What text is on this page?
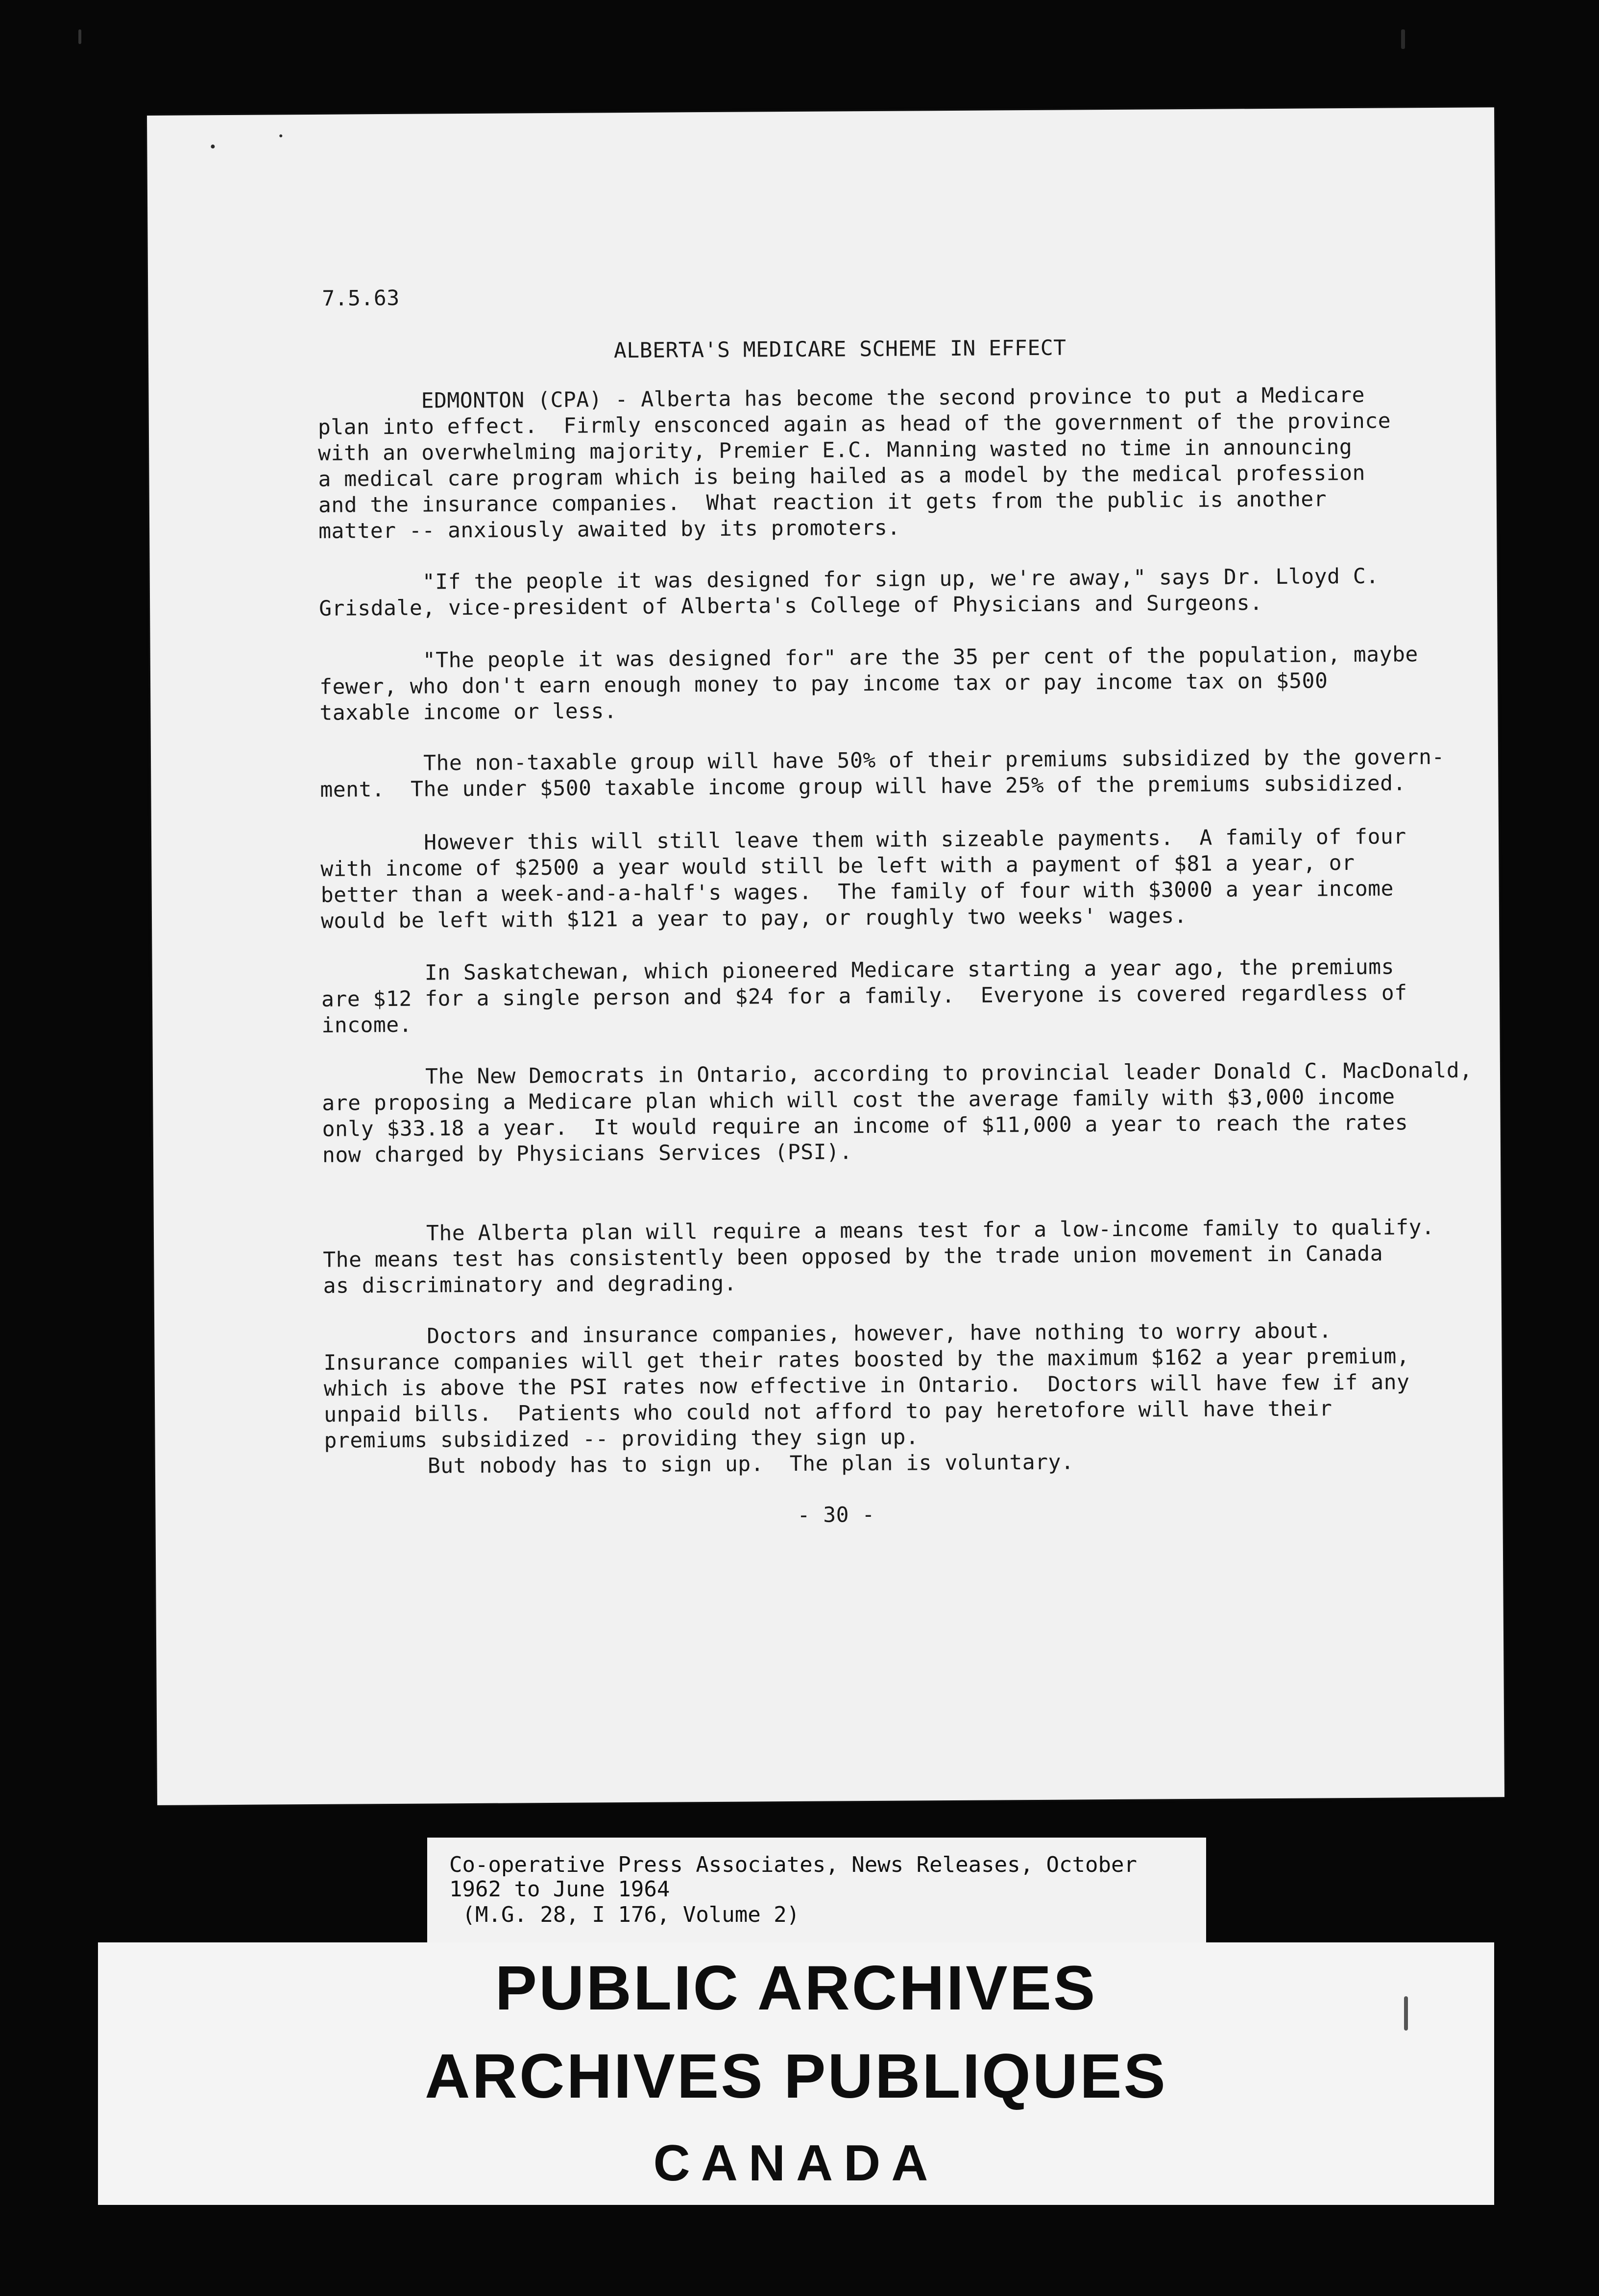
7.5.63

ALBERTA'S MEDICARE SCHEME IN EFFECT

EDMONTON (CPA) - Alberta has become the second province to put a Medicare
plan into effect.  Firmly ensconced again as head of the government of the province
with an overwhelming majority, Premier E.C. Manning wasted no time in announcing
a medical care program which is being hailed as a model by the medical profession
and the insurance companies.  What reaction it gets from the public is another
matter -- anxiously awaited by its promoters.

"If the people it was designed for sign up, we're away," says Dr. Lloyd C.
Grisdale, vice-president of Alberta's College of Physicians and Surgeons.

"The people it was designed for" are the 35 per cent of the population, maybe
fewer, who don't earn enough money to pay income tax or pay income tax on $500
taxable income or less.

The non-taxable group will have 50% of their premiums subsidized by the govern-
ment.  The under $500 taxable income group will have 25% of the premiums subsidized.

However this will still leave them with sizeable payments.  A family of four
with income of $2500 a year would still be left with a payment of $81 a year, or
better than a week-and-a-half's wages.  The family of four with $3000 a year income
would be left with $121 a year to pay, or roughly two weeks' wages.

In Saskatchewan, which pioneered Medicare starting a year ago, the premiums
are $12 for a single person and $24 for a family.  Everyone is covered regardless of
income.

The New Democrats in Ontario, according to provincial leader Donald C. MacDonald,
are proposing a Medicare plan which will cost the average family with $3,000 income
only $33.18 a year.  It would require an income of $11,000 a year to reach the rates
now charged by Physicians Services (PSI).

The Alberta plan will require a means test for a low-income family to qualify.
The means test has consistently been opposed by the trade union movement in Canada
as discriminatory and degrading.

Doctors and insurance companies, however, have nothing to worry about.
Insurance companies will get their rates boosted by the maximum $162 a year premium,
which is above the PSI rates now effective in Ontario.  Doctors will have few if any
unpaid bills.  Patients who could not afford to pay heretofore will have their
premiums subsidized -- providing they sign up.

But nobody has to sign up.  The plan is voluntary.

- 30 -

Co-operative Press Associates, News Releases, October

1962 to June 1964

(M.G. 28, I 176, Volume 2)

PUBLIC ARCHIVES

ARCHIVES PUBLIQUES

CANADA
